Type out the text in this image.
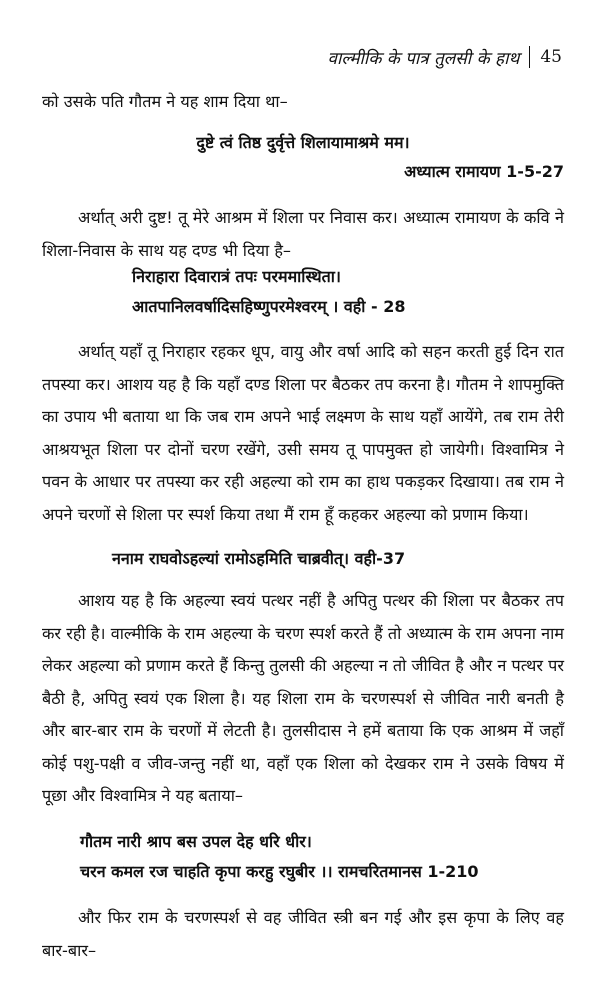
वाल्मीकि के पात्र तुलसी के हाथ 45
को उसके पति गौतम ने यह शाम दिया था–
दुष्टे त्वं तिष्ठ दुर्वृत्ते शिलायामाश्रमे मम।
अध्यात्म रामायण 1-5-27
अर्थात् अरी दुष्ट! तू मेरे आश्रम में शिला पर निवास कर। अध्यात्म रामायण के कवि ने शिला-निवास के साथ यह दण्ड भी दिया है–
निराहारा दिवारात्रं तपः परममास्थिता।
आतपानिलवर्षादिसहिष्णुपरमेश्वरम् । वही - 28
अर्थात् यहाँ तू निराहार रहकर धूप, वायु और वर्षा आदि को सहन करती हुई दिन रात तपस्या कर। आशय यह है कि यहाँ दण्ड शिला पर बैठकर तप करना है। गौतम ने शापमुक्ति का उपाय भी बताया था कि जब राम अपने भाई लक्ष्मण के साथ यहाँ आयेंगे, तब राम तेरी आश्रयभूत शिला पर दोनों चरण रखेंगे, उसी समय तू पापमुक्त हो जायेगी। विश्वामित्र ने पवन के आधार पर तपस्या कर रही अहल्या को राम का हाथ पकड़कर दिखाया। तब राम ने अपने चरणों से शिला पर स्पर्श किया तथा मैं राम हूँ कहकर अहल्या को प्रणाम किया।
ननाम राघवोऽहल्यां रामोऽहमिति चाब्रवीत्। वही-37
आशय यह है कि अहल्या स्वयं पत्थर नहीं है अपितु पत्थर की शिला पर बैठकर तप कर रही है। वाल्मीकि के राम अहल्या के चरण स्पर्श करते हैं तो अध्यात्म के राम अपना नाम लेकर अहल्या को प्रणाम करते हैं किन्तु तुलसी की अहल्या न तो जीवित है और न पत्थर पर बैठी है, अपितु स्वयं एक शिला है। यह शिला राम के चरणस्पर्श से जीवित नारी बनती है और बार-बार राम के चरणों में लेटती है। तुलसीदास ने हमें बताया कि एक आश्रम में जहाँ कोई पशु-पक्षी व जीव-जन्तु नहीं था, वहाँ एक शिला को देखकर राम ने उसके विषय में पूछा और विश्वामित्र ने यह बताया–
गौतम नारी श्राप बस उपल देह धरि धीर।
चरन कमल रज चाहति कृपा करहु रघुबीर ।। रामचरितमानस 1-210
और फिर राम के चरणस्पर्श से वह जीवित स्त्री बन गई और इस कृपा के लिए वह बार-बार–
